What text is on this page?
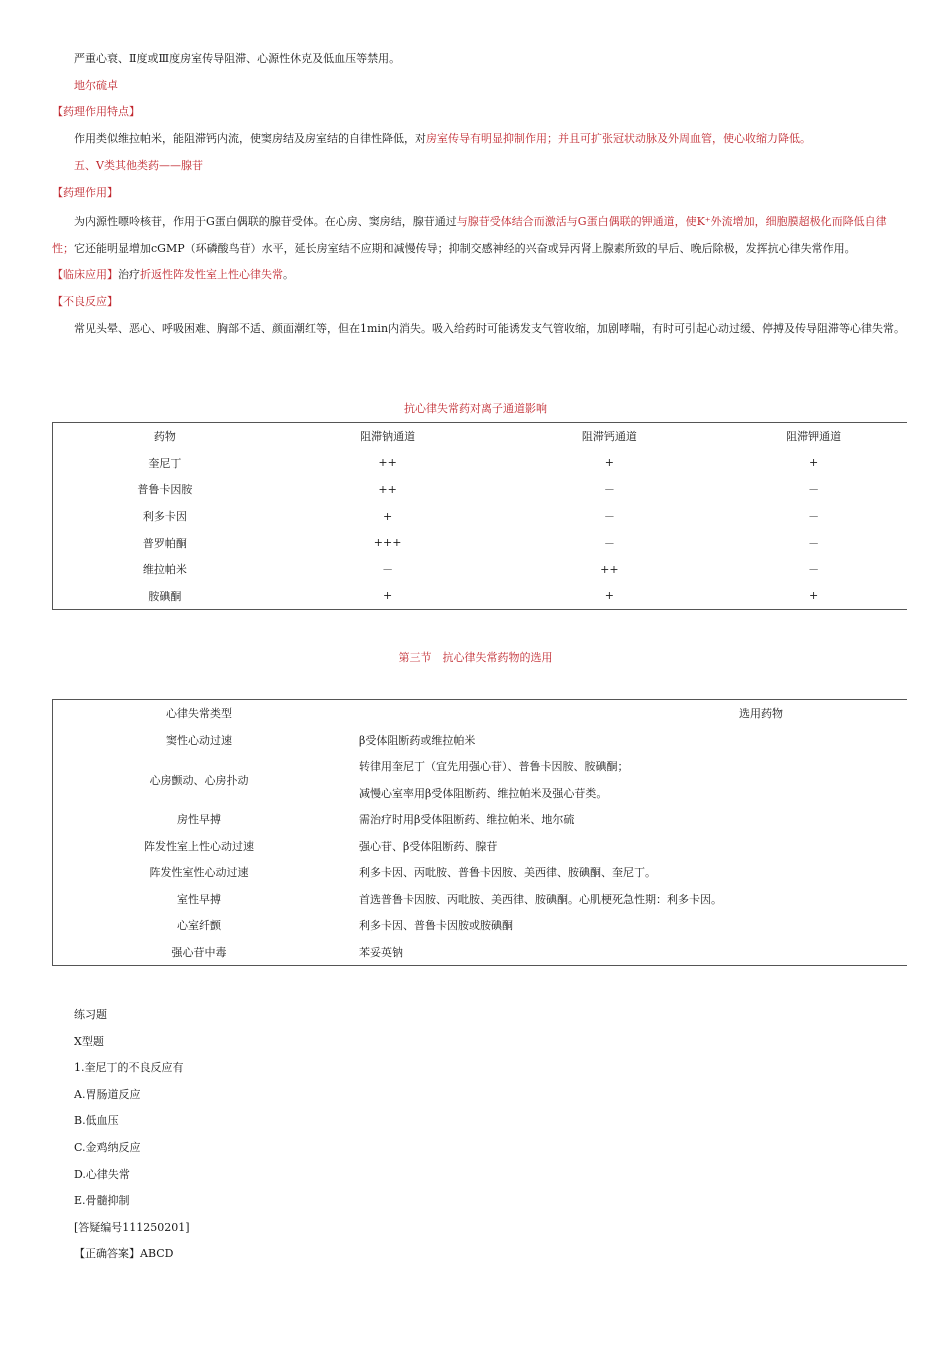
严重心衰、Ⅱ度或Ⅲ度房室传导阻滞、心源性休克及低血压等禁用。
地尔硫卓
【药理作用特点】
作用类似维拉帕米，能阻滞钙内流，使窦房结及房室结的自律性降低，对房室传导有明显抑制作用；并且可扩张冠状动脉及外周血管，使心收缩力降低。
五、Ⅴ类其他类药——腺苷
【药理作用】
为内源性嘌呤核苷，作用于G蛋白偶联的腺苷受体。在心房、窦房结，腺苷通过与腺苷受体结合而激活与G蛋白偶联的钾通道，使K⁺外流增加，细胞膜超极化而降低自律性；它还能明显增加cGMP（环磷酸鸟苷）水平，延长房室结不应期和减慢传导；抑制交感神经的兴奋或异丙肾上腺素所致的早后、晚后除极，发挥抗心律失常作用。
【临床应用】治疗折返性阵发性室上性心律失常。
【不良反应】
常见头晕、恶心、呼吸困难、胸部不适、颜面潮红等，但在1min内消失。吸入给药时可能诱发支气管收缩，加剧哮喘，有时可引起心动过缓、停搏及传导阻滞等心律失常。
抗心律失常药对离子通道影响
药物	阻滞钠通道	阻滞钙通道	阻滞钾通道
奎尼丁	++	+	+
普鲁卡因胺	++	－	－
利多卡因	+	－	－
普罗帕酮	+++	－	－
维拉帕米	－	++	－
胺碘酮	+	+	+
第三节　抗心律失常药物的选用
心律失常类型	选用药物
窦性心动过速	β受体阻断药或维拉帕米
心房颤动、心房扑动	转律用奎尼丁（宜先用强心苷）、普鲁卡因胺、胺碘酮；
	减慢心室率用β受体阻断药、维拉帕米及强心苷类。
房性早搏	需治疗时用β受体阻断药、维拉帕米、地尔硫
阵发性室上性心动过速	强心苷、β受体阻断药、腺苷
阵发性室性心动过速	利多卡因、丙吡胺、普鲁卡因胺、美西律、胺碘酮、奎尼丁。
室性早搏	首选普鲁卡因胺、丙吡胺、美西律、胺碘酮。心肌梗死急性期：利多卡因。
心室纤颤	利多卡因、普鲁卡因胺或胺碘酮
强心苷中毒	苯妥英钠
练习题
X型题
1.奎尼丁的不良反应有
A.胃肠道反应
B.低血压
C.金鸡纳反应
D.心律失常
E.骨髓抑制
[答疑编号111250201]
【正确答案】ABCD
